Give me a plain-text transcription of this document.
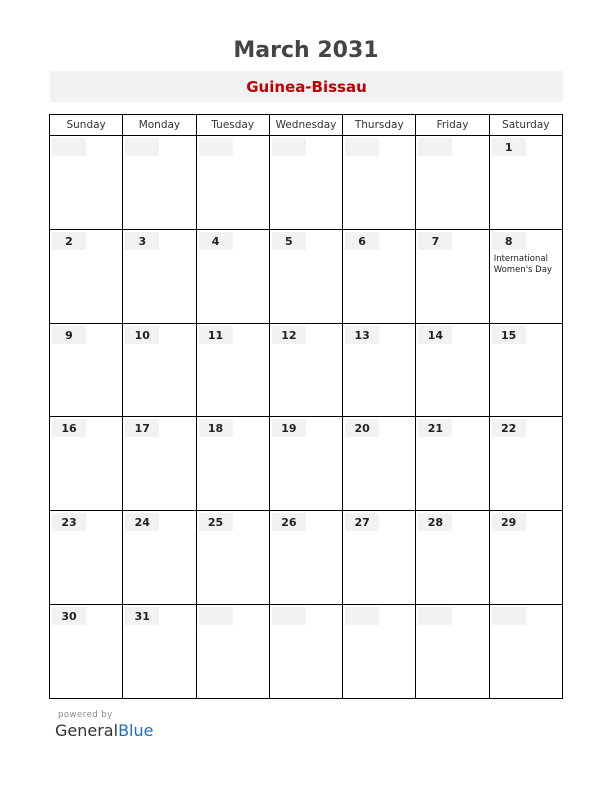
March 2031
Guinea-Bissau
Sunday	Monday	Tuesday	Wednesday	Thursday	Friday	Saturday

						1

2	3	4	5	6	7	8
International Women's Day

9	10	11	12	13	14	15

16	17	18	19	20	21	22

23	24	25	26	27	28	29

30	31					

powered by
GeneralBlue
